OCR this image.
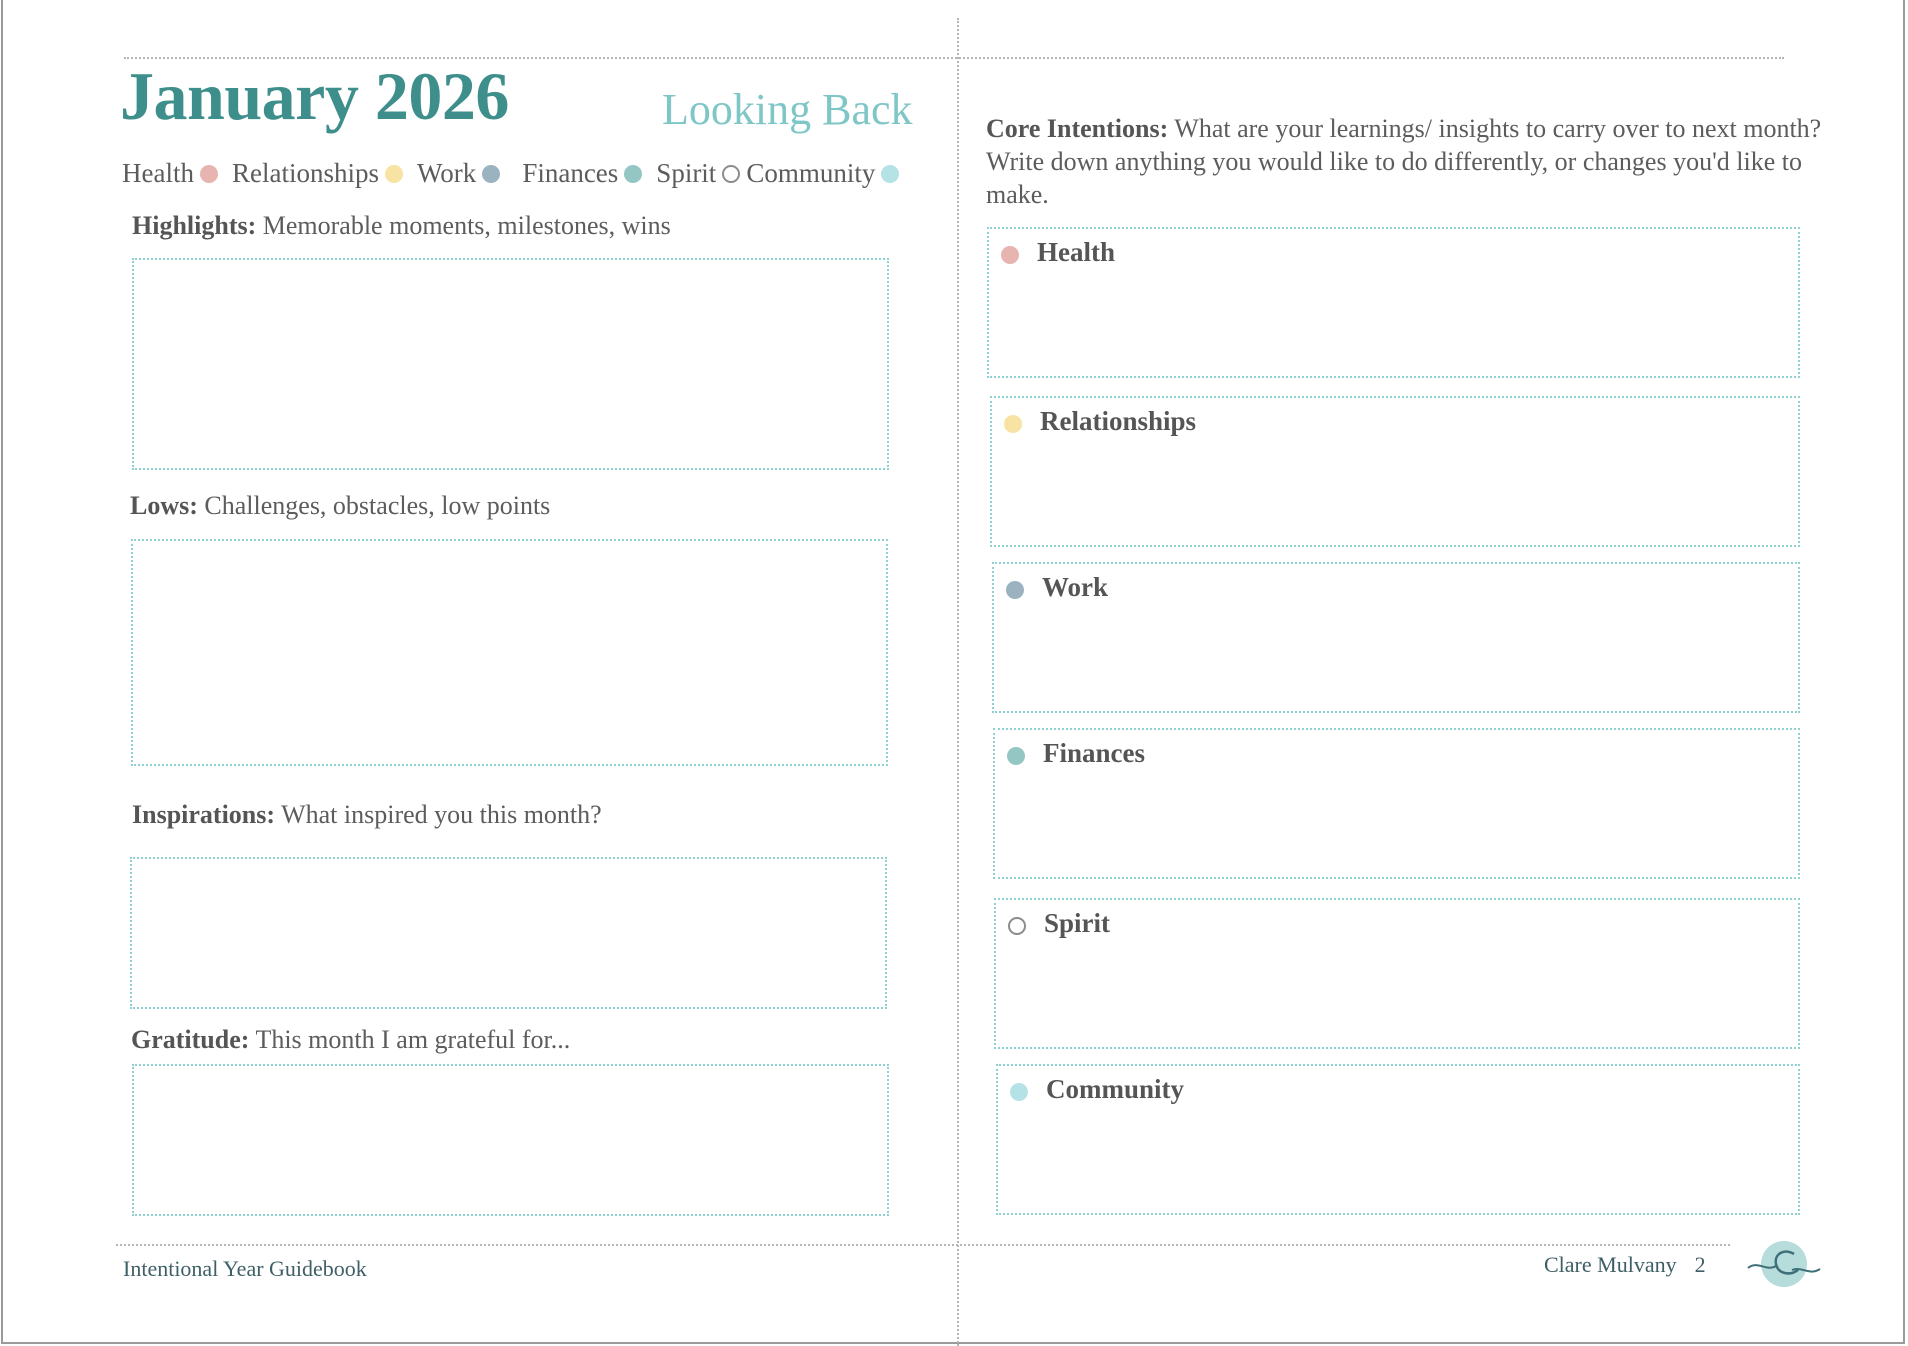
January 2026	Looking Back
Health Relationships Work Finances Spirit Community
Highlights: Memorable moments, milestones, wins
Lows: Challenges, obstacles, low points
Inspirations: What inspired you this month?
Gratitude: This month I am grateful for...
Core Intentions: What are your learnings/ insights to carry over to next month? Write down anything you would like to do differently, or changes you'd like to make.
Health
Relationships
Work
Finances
Spirit
Community
Intentional Year Guidebook	Clare Mulvany 2
